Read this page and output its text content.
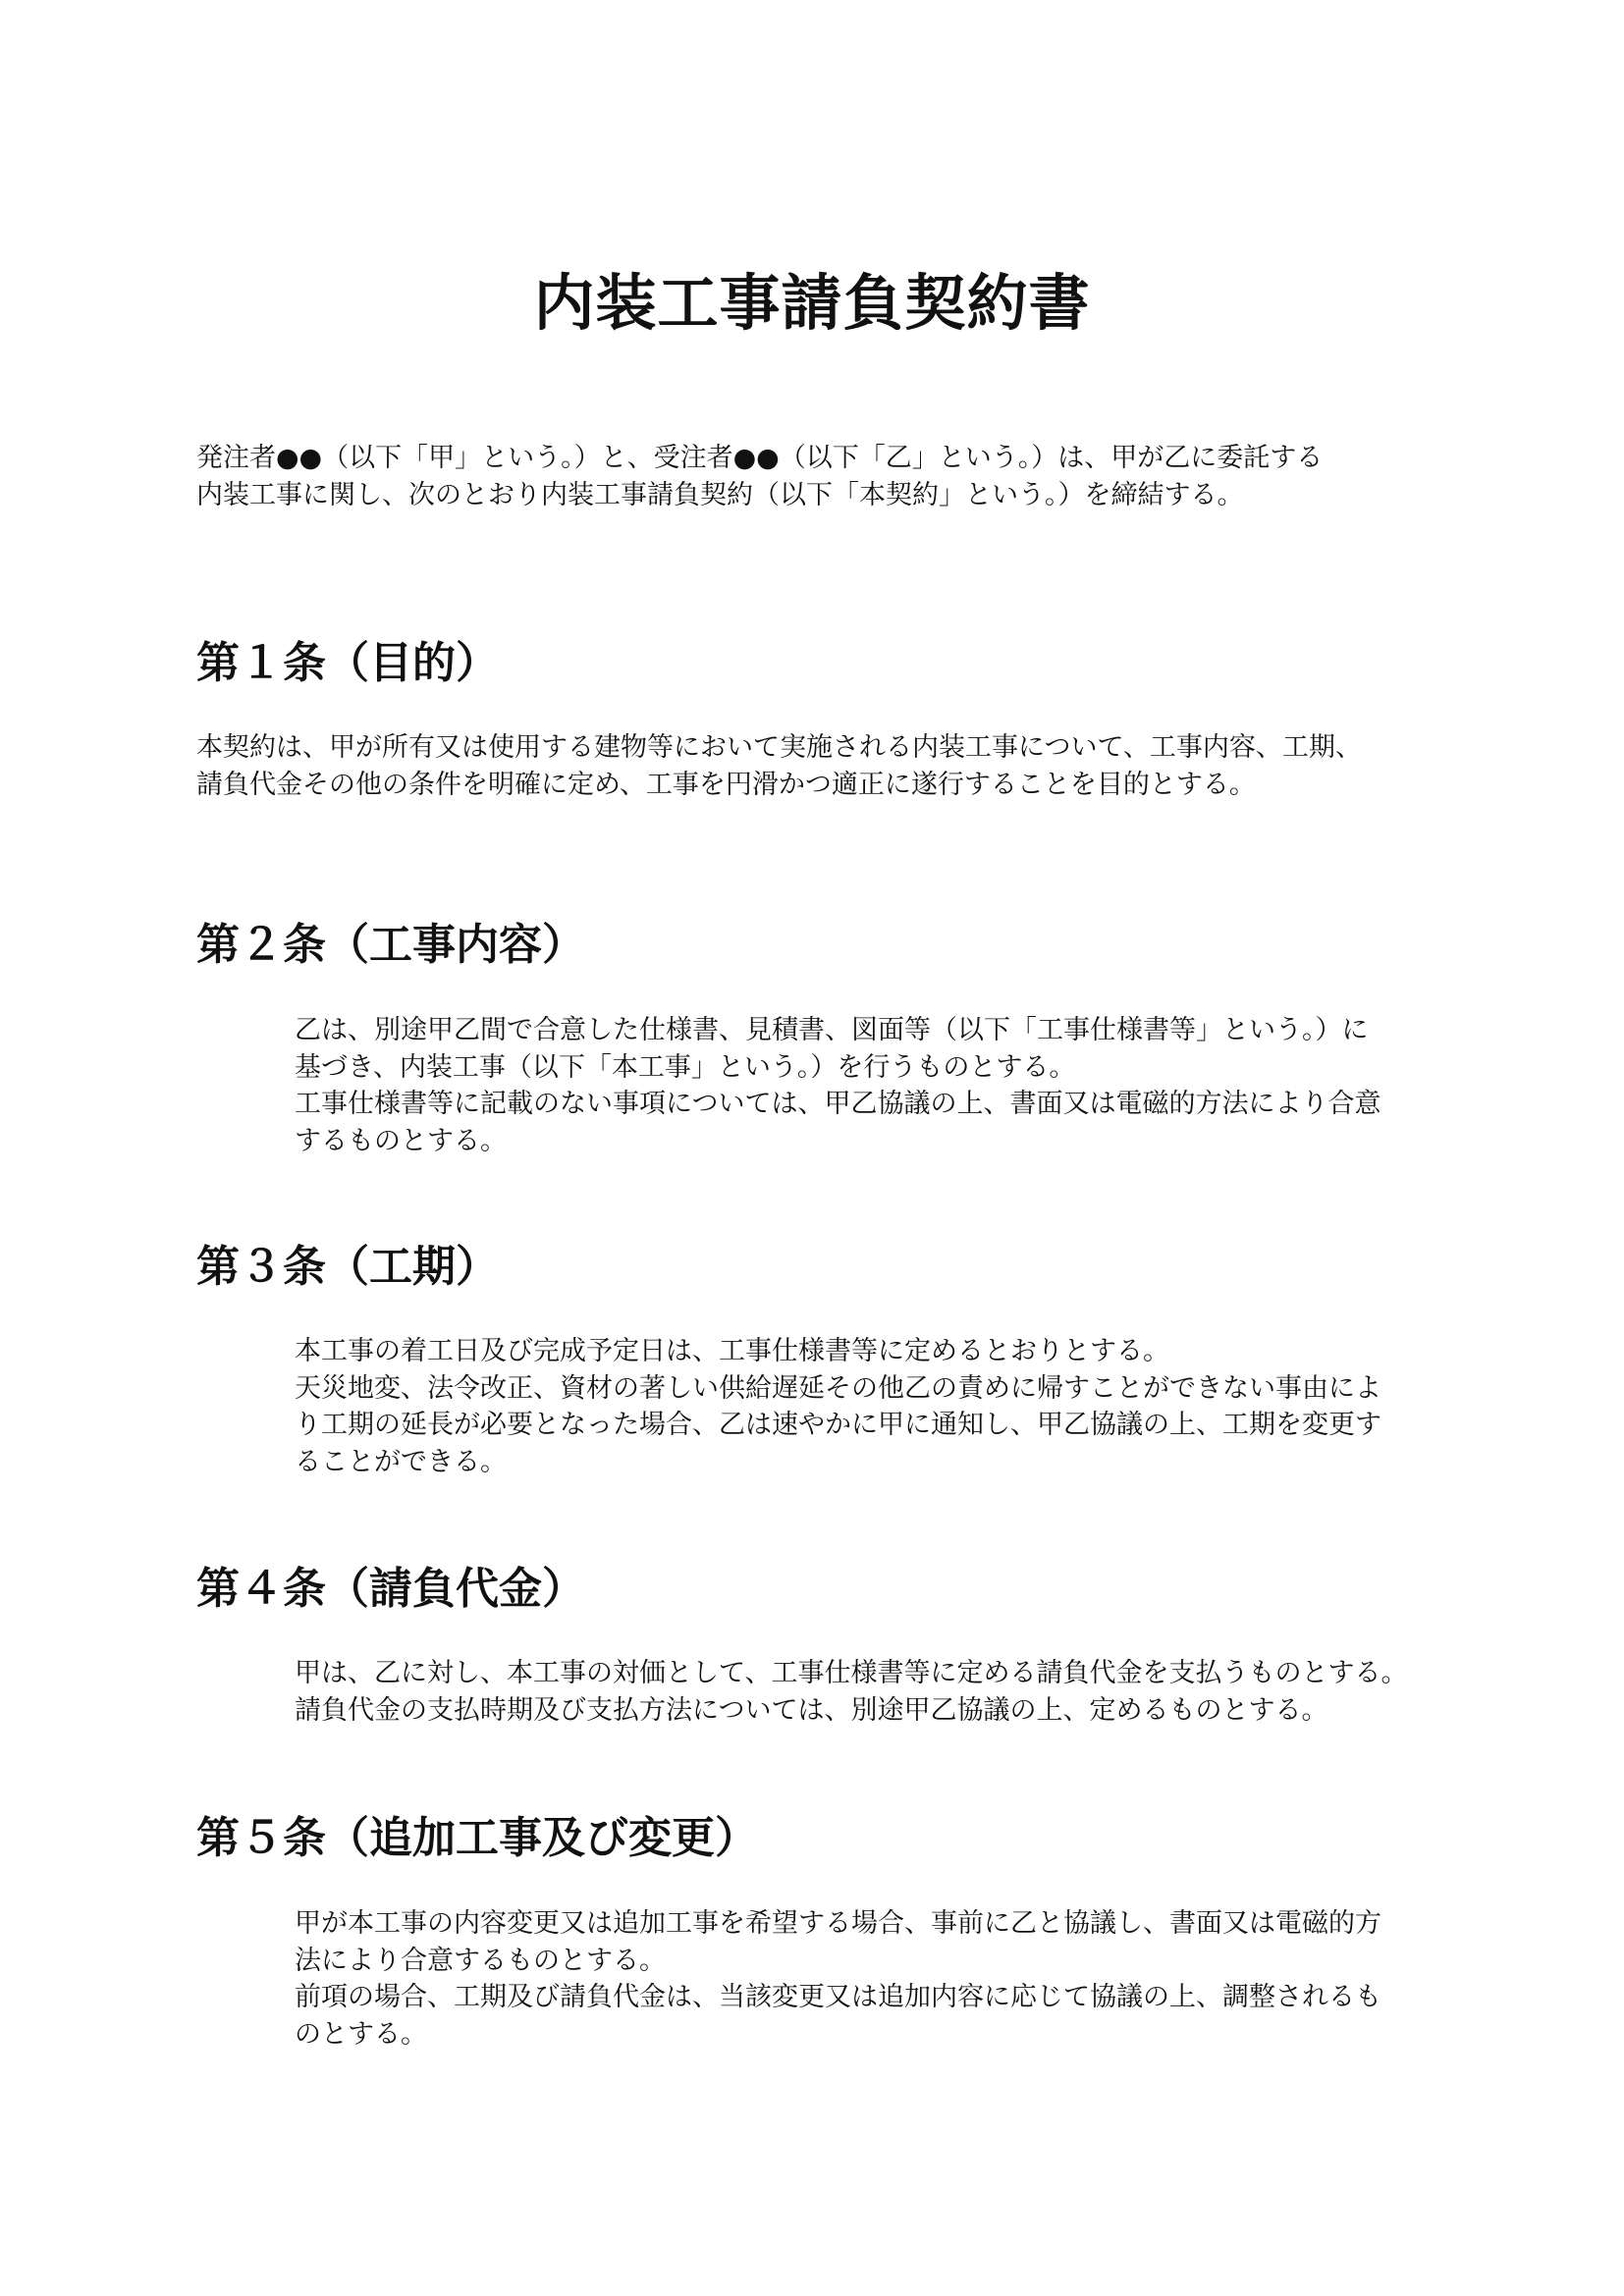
内装工事請負契約書

発注者●●（以下「甲」という。）と、受注者●●（以下「乙」という。）は、甲が乙に委託する

内装工事に関し、次のとおり内装工事請負契約（以下「本契約」という。）を締結する。

第１条（目的）

本契約は、甲が所有又は使用する建物等において実施される内装工事について、工事内容、工期、

請負代金その他の条件を明確に定め、工事を円滑かつ適正に遂行することを目的とする。

第２条（工事内容）

乙は、別途甲乙間で合意した仕様書、見積書、図面等（以下「工事仕様書等」という。）に

基づき、内装工事（以下「本工事」という。）を行うものとする。

工事仕様書等に記載のない事項については、甲乙協議の上、書面又は電磁的方法により合意

するものとする。

第３条（工期）

本工事の着工日及び完成予定日は、工事仕様書等に定めるとおりとする。

天災地変、法令改正、資材の著しい供給遅延その他乙の責めに帰すことができない事由によ

り工期の延長が必要となった場合、乙は速やかに甲に通知し、甲乙協議の上、工期を変更す

ることができる。

第４条（請負代金）

甲は、乙に対し、本工事の対価として、工事仕様書等に定める請負代金を支払うものとする。

請負代金の支払時期及び支払方法については、別途甲乙協議の上、定めるものとする。

第５条（追加工事及び変更）

甲が本工事の内容変更又は追加工事を希望する場合、事前に乙と協議し、書面又は電磁的方

法により合意するものとする。

前項の場合、工期及び請負代金は、当該変更又は追加内容に応じて協議の上、調整されるも

のとする。
